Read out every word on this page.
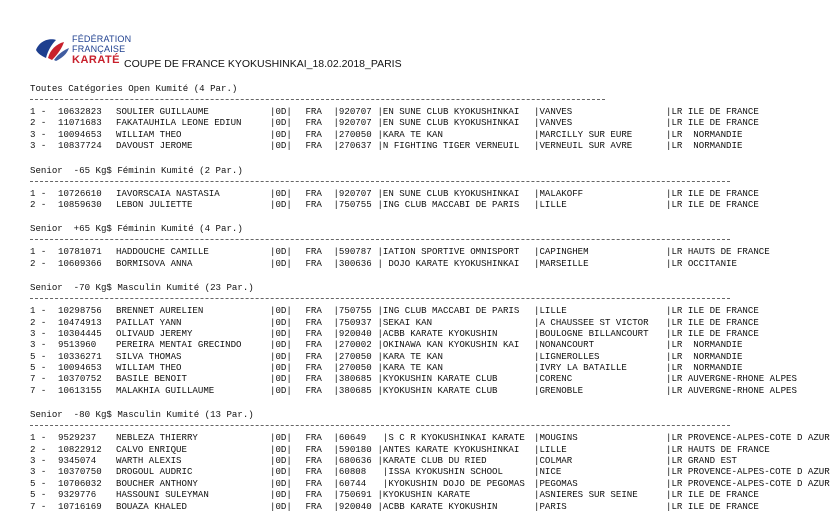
FÉDÉRATION
FRANÇAISE
KARATÉ COUPE DE FRANCE KYOKUSHINKAI_18.02.2018_PARIS
Toutes Catégories Open Kumité (4 Par.)
1 - 10632823	SOULIER GUILLAUME	|0D| FRA |920707 |EN SUNE CLUB KYOKUSHINKAI	|VANVES	|LR ILE DE FRANCE
2 - 11071683	FAKATAUHILA LEONE EDIUN	|0D| FRA |920707 |EN SUNE CLUB KYOKUSHINKAI	|VANVES	|LR ILE DE FRANCE
3 - 10094653	WILLIAM THEO	|0D| FRA |270050 |KARA TE KAN	|MARCILLY SUR EURE	|LR  NORMANDIE
3 - 10837724	DAVOUST JEROME	|0D| FRA |270637 |N FIGHTING TIGER VERNEUIL	|VERNEUIL SUR AVRE	|LR  NORMANDIE
Senior  -65 Kg$ Féminin Kumité (2 Par.)
1 - 10726610	IAVORSCAIA NASTASIA	|0D| FRA |920707 |EN SUNE CLUB KYOKUSHINKAI	|MALAKOFF	|LR ILE DE FRANCE
2 - 10859630	LEBON JULIETTE	|0D| FRA |750755 |ING CLUB MACCABI DE PARIS	|LILLE	|LR ILE DE FRANCE
Senior  +65 Kg$ Féminin Kumité (4 Par.)
1 - 10781071	HADDOUCHE CAMILLE	|0D| FRA |590787 |IATION SPORTIVE OMNISPORT	|CAPINGHEM	|LR HAUTS DE FRANCE
2 - 10609366	BORMISOVA ANNA	|0D| FRA |300636 | DOJO KARATE KYOKUSHINKAI	|MARSEILLE	|LR OCCITANIE
Senior  -70 Kg$ Masculin Kumité (23 Par.)
1 - 10298756	BRENNET AURELIEN	|0D| FRA |750755 |ING CLUB MACCABI DE PARIS	|LILLE	|LR ILE DE FRANCE
2 - 10474913	PAILLAT YANN	|0D| FRA |750937 |SEKAI KAN	|A CHAUSSEE ST VICTOR	|LR ILE DE FRANCE
3 - 10304445	OLIVAUD JEREMY	|0D| FRA |920040 |ACBB KARATE KYOKUSHIN	|BOULOGNE BILLANCOURT	|LR ILE DE FRANCE
3 - 9513960	PEREIRA MENTAI GRECINDO	|0D| FRA |270002 |OKINAWA KAN KYOKUSHIN KAI	|NONANCOURT	|LR  NORMANDIE
5 - 10336271	SILVA THOMAS	|0D| FRA |270050 |KARA TE KAN	|LIGNEROLLES	|LR  NORMANDIE
5 - 10094653	WILLIAM THEO	|0D| FRA |270050 |KARA TE KAN	|IVRY LA BATAILLE	|LR  NORMANDIE
7 - 10370752	BASILE BENOIT	|0D| FRA |380685 |KYOKUSHIN KARATE CLUB	|CORENC	|LR AUVERGNE-RHONE ALPES
7 - 10613155	MALAKHIA GUILLAUME	|0D| FRA |380685 |KYOKUSHIN KARATE CLUB	|GRENOBLE	|LR AUVERGNE-RHONE ALPES
Senior  -80 Kg$ Masculin Kumité (13 Par.)
1 - 9529237	NEBLEZA THIERRY	|0D| FRA |60649 |S C R KYOKUSHINKAI KARATE	|MOUGINS	|LR PROVENCE-ALPES-COTE D AZUR
2 - 10822912	CALVO ENRIQUE	|0D| FRA |590180 |ANTES KARATE KYOKUSHINKAI	|LILLE	|LR HAUTS DE FRANCE
3 - 9345074	WARTH ALEXIS	|0D| FRA |680636 |KARATE CLUB DU RIED	|COLMAR	|LR GRAND EST
3 - 10370750	DROGOUL AUDRIC	|0D| FRA |60808 |ISSA KYOKUSHIN SCHOOL	|NICE	|LR PROVENCE-ALPES-COTE D AZUR
5 - 10706032	BOUCHER ANTHONY	|0D| FRA |60744 |KYOKUSHIN DOJO DE PEGOMAS	|PEGOMAS	|LR PROVENCE-ALPES-COTE D AZUR
5 - 9329776	HASSOUNI SULEYMAN	|0D| FRA |750691 |KYOKUSHIN KARATE	|ASNIERES SUR SEINE	|LR ILE DE FRANCE
7 - 10716169	BOUAZA KHALED	|0D| FRA |920040 |ACBB KARATE KYOKUSHIN	|PARIS	|LR ILE DE FRANCE
